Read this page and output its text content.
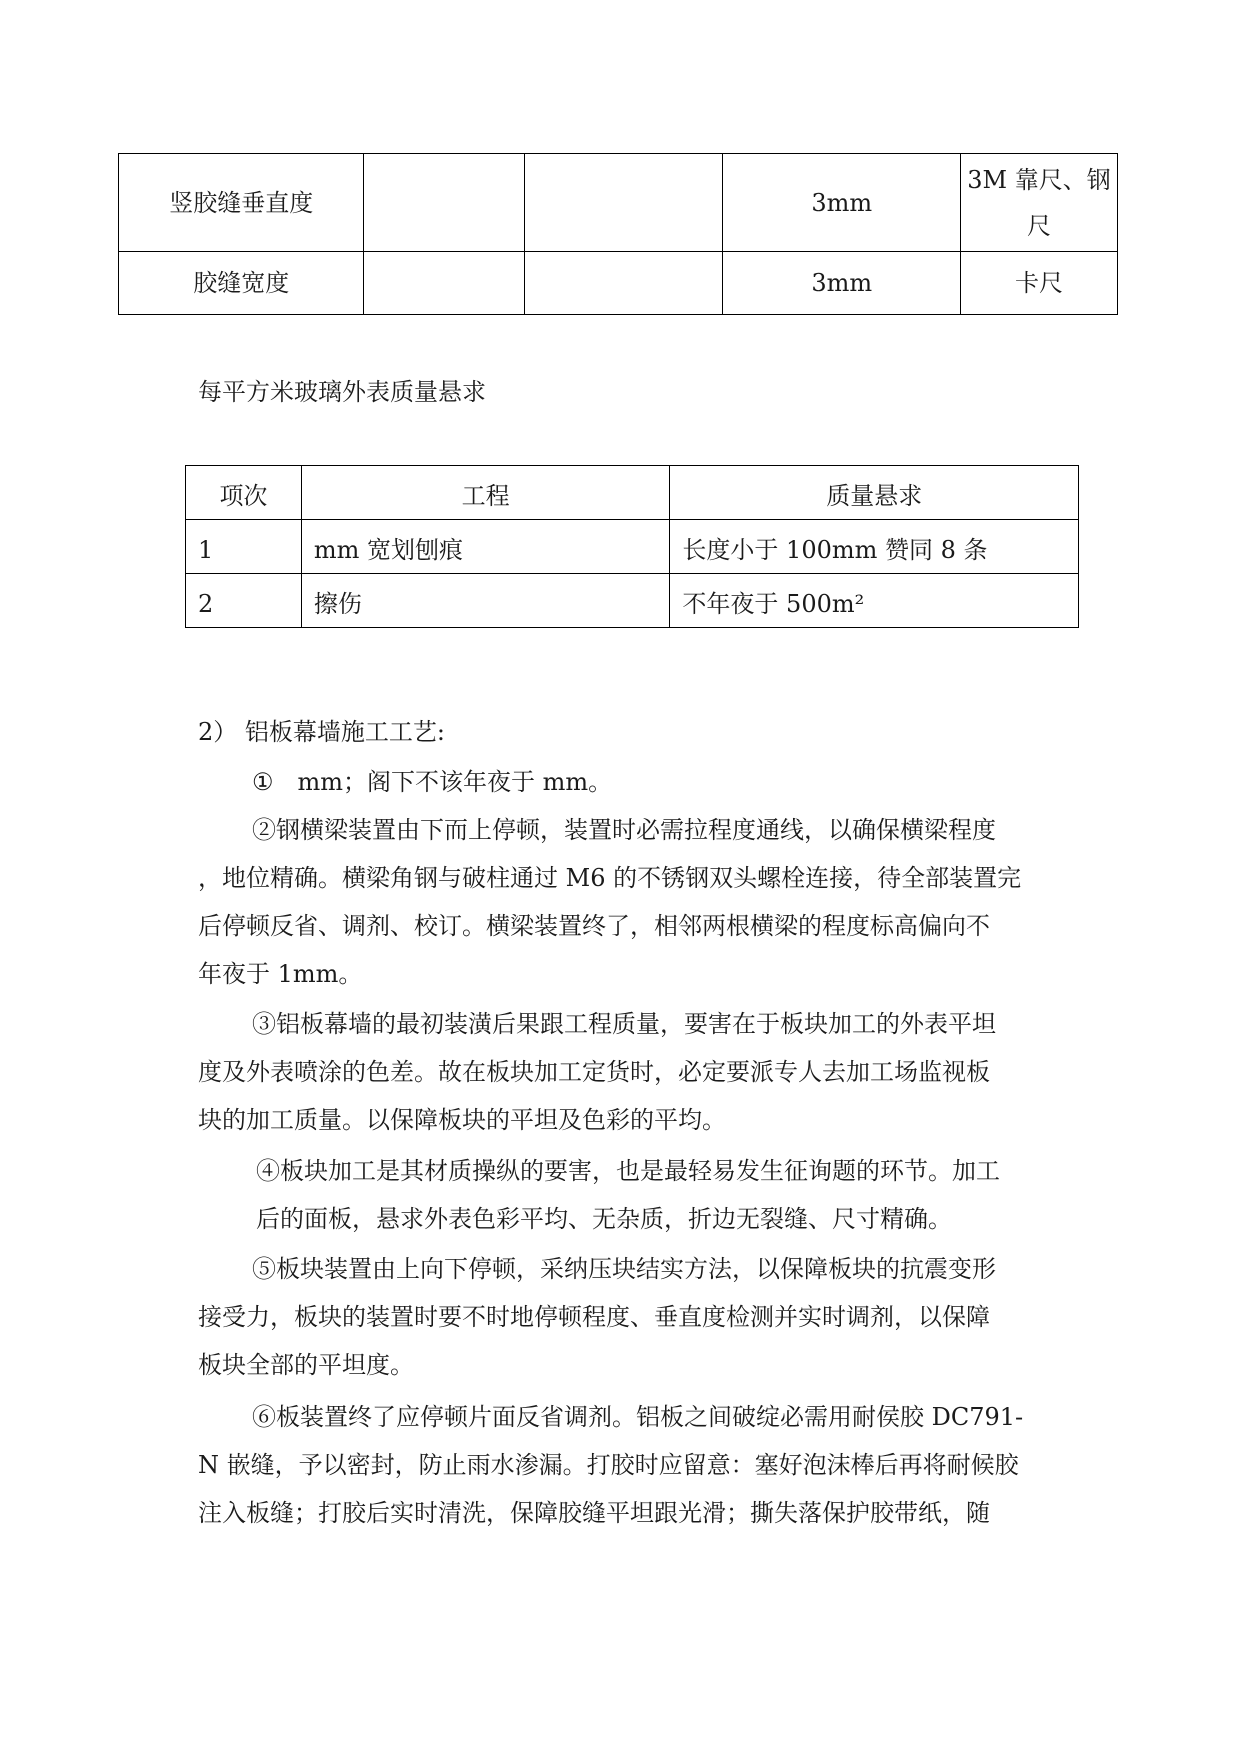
竖胶缝垂直度			3mm	3M 靠尺、钢
尺

胶缝宽度			3mm	卡尺
每平方米玻璃外表质量悬求
项次	工程	质量悬求
1	mm 宽划刨痕	长度小于 100mm 赞同 8 条
2	擦伤	不年夜于 500m²
2） 铝板幕墙施工工艺:
①　mm；阁下不该年夜于 mm。
②钢横梁装置由下而上停顿，装置时必需拉程度通线，以确保横梁程度
，地位精确。横梁角钢与破柱通过 M6 的不锈钢双头螺栓连接，待全部装置完
后停顿反省、调剂、校订。横梁装置终了，相邻两根横梁的程度标高偏向不
年夜于 1mm。
③铝板幕墙的最初装潢后果跟工程质量，要害在于板块加工的外表平坦
度及外表喷涂的色差。故在板块加工定货时，必定要派专人去加工场监视板
块的加工质量。以保障板块的平坦及色彩的平均。
④板块加工是其材质操纵的要害，也是最轻易发生征询题的环节。加工
后的面板，悬求外表色彩平均、无杂质，折边无裂缝、尺寸精确。
⑤板块装置由上向下停顿，采纳压块结实方法，以保障板块的抗震变形
接受力，板块的装置时要不时地停顿程度、垂直度检测并实时调剂，以保障
板块全部的平坦度。
⑥板装置终了应停顿片面反省调剂。铝板之间破绽必需用耐侯胶 DC791-
N 嵌缝，予以密封，防止雨水渗漏。打胶时应留意：塞好泡沫棒后再将耐候胶
注入板缝；打胶后实时清洗，保障胶缝平坦跟光滑；撕失落保护胶带纸，随
